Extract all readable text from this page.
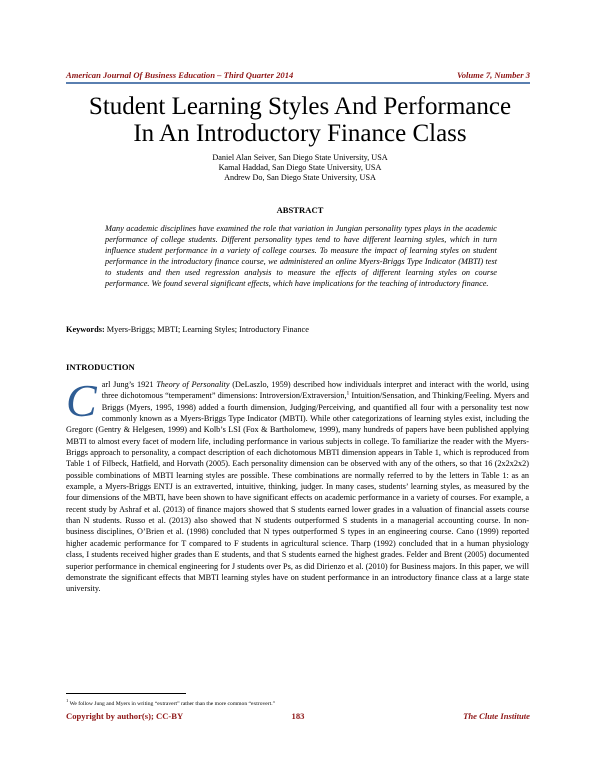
American Journal Of Business Education – Third Quarter 2014	Volume 7, Number 3
Student Learning Styles And Performance
In An Introductory Finance Class
Daniel Alan Seiver, San Diego State University, USA
Kamal Haddad, San Diego State University, USA
Andrew Do, San Diego State University, USA
ABSTRACT

Many academic disciplines have examined the role that variation in Jungian personality types plays in the academic performance of college students. Different personality types tend to have different learning styles, which in turn influence student performance in a variety of college courses. To measure the impact of learning styles on student performance in the introductory finance course, we administered an online Myers-Briggs Type Indicator (MBTI) test to students and then used regression analysis to measure the effects of different learning styles on course performance. We found several significant effects, which have implications for the teaching of introductory finance.

Keywords: Myers-Briggs; MBTI; Learning Styles; Introductory Finance
INTRODUCTION

Carl Jung’s 1921 Theory of Personality (DeLaszlo, 1959) described how individuals interpret and interact with the world, using three dichotomous “temperament” dimensions: Introversion/Extraversion,$^1$ Intuition/Sensation, and Thinking/Feeling. Myers and Briggs (Myers, 1995, 1998) added a fourth dimension, Judging/Perceiving, and quantified all four with a personality test now commonly known as a Myers-Briggs Type Indicator (MBTI). While other categorizations of learning styles exist, including the Gregorc (Gentry & Helgesen, 1999) and Kolb’s LSI (Fox & Bartholomew, 1999), many hundreds of papers have been published applying MBTI to almost every facet of modern life, including performance in various subjects in college. To familiarize the reader with the Myers-Briggs approach to personality, a compact description of each dichotomous MBTI dimension appears in Table 1, which is reproduced from Table 1 of Filbeck, Hatfield, and Horvath (2005). Each personality dimension can be observed with any of the others, so that 16 (2x2x2x2) possible combinations of MBTI learning styles are possible. These combinations are normally referred to by the letters in Table 1: as an example, a Myers-Briggs ENTJ is an extraverted, intuitive, thinking, judger. In many cases, students’ learning styles, as measured by the four dimensions of the MBTI, have been shown to have significant effects on academic performance in a variety of courses. For example, a recent study by Ashraf et al. (2013) of finance majors showed that S students earned lower grades in a valuation of financial assets course than N students. Russo et al. (2013) also showed that N students outperformed S students in a managerial accounting course. In non-business disciplines, O’Brien et al. (1998) concluded that N types outperformed S types in an engineering course. Cano (1999) reported higher academic performance for T compared to F students in agricultural science. Tharp (1992) concluded that in a human physiology class, I students received higher grades than E students, and that S students earned the highest grades. Felder and Brent (2005) documented superior performance in chemical engineering for J students over Ps, as did Dirienzo et al. (2010) for Business majors. In this paper, we will demonstrate the significant effects that MBTI learning styles have on student performance in an introductory finance class at a large state university.

$^1$ We follow Jung and Myers in writing “extravert” rather than the more common “extrovert.”
Copyright by author(s); CC-BY	183	The Clute Institute
